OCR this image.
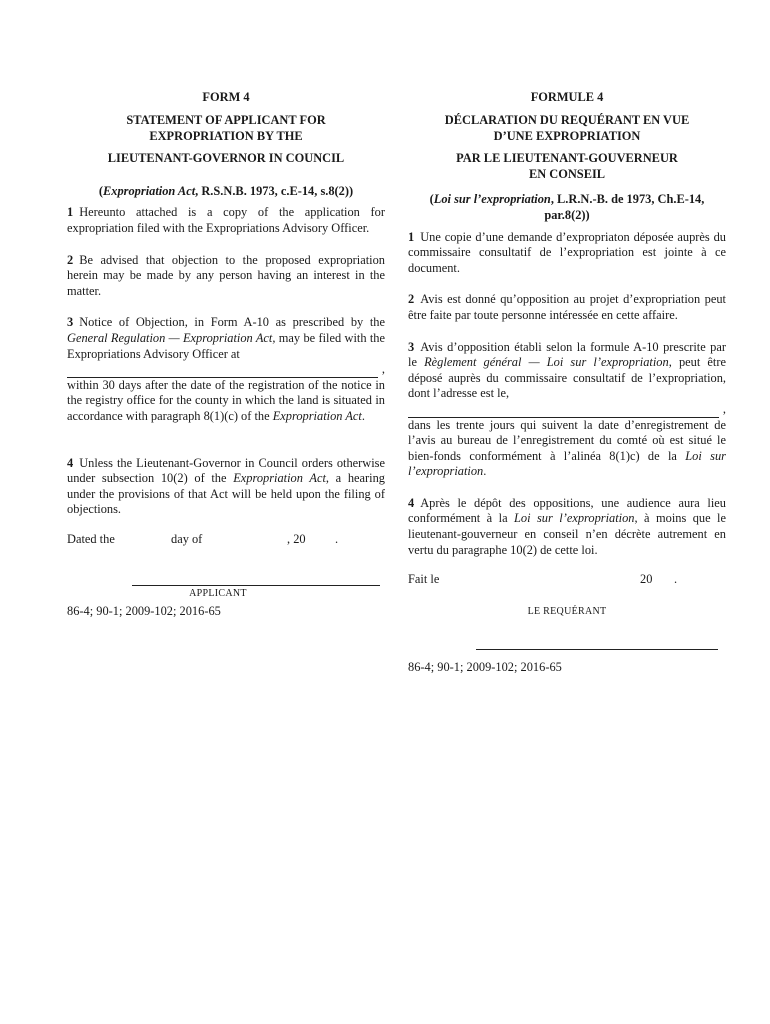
FORM 4

STATEMENT OF APPLICANT FOR

EXPROPRIATION BY THE

LIEUTENANT-GOVERNOR IN COUNCIL

(Expropriation Act, R.S.N.B. 1973, c.E-14, s.8(2))

1 Hereunto attached is a copy of the application for expropriation filed with the Expropriations Advisory Officer.

2 Be advised that objection to the proposed expropriation herein may be made by any person having an interest in the matter.

3 Notice of Objection, in Form A-10 as prescribed by the General Regulation — Expropriation Act, may be filed with the Expropriations Advisory Officer at
,
within 30 days after the date of the registration of the notice in the registry office for the county in which the land is situated in accordance with paragraph 8(1)(c) of the Expropriation Act.

4 Unless the Lieutenant-Governor in Council orders otherwise under subsection 10(2) of the Expropriation Act, a hearing under the provisions of that Act will be held upon the filing of objections.

Dated the	day of	, 20	.
APPLICANT

86-4; 90-1; 2009-102; 2016-65

FORMULE 4

DÉCLARATION DU REQUÉRANT EN VUE

D’UNE EXPROPRIATION

PAR LE LIEUTENANT-GOUVERNEUR EN CONSEIL

(Loi sur l’expropriation, L.R.N.-B. de 1973, Ch.E-14, par.8(2))

1 Une copie d’une demande d’expropriaton déposée auprès du commissaire consultatif de l’expropriation est jointe à ce document.

2 Avis est donné qu’opposition au projet d’expropriation peut être faite par toute personne intéressée en cette affaire.

3 Avis d’opposition établi selon la formule A-10 prescrite par le Règlement général — Loi sur l’expropriation, peut être déposé auprès du commissaire consultatif de l’expropriation, dont l’adresse est le,
,
dans les trente jours qui suivent la date d’enregistrement de l’avis au bureau de l’enregistrement du comté où est situé le bien-fonds conformément à l’alinéa 8(1)c) de la Loi sur l’expropriation.

4 Après le dépôt des oppositions, une audience aura lieu conformément à la Loi sur l’expropriation, à moins que le lieutenant-gouverneur en conseil n’en décrète autrement en vertu du paragraphe 10(2) de cette loi.

Fait le	20	.
LE REQUÉRANT

86-4; 90-1; 2009-102; 2016-65
